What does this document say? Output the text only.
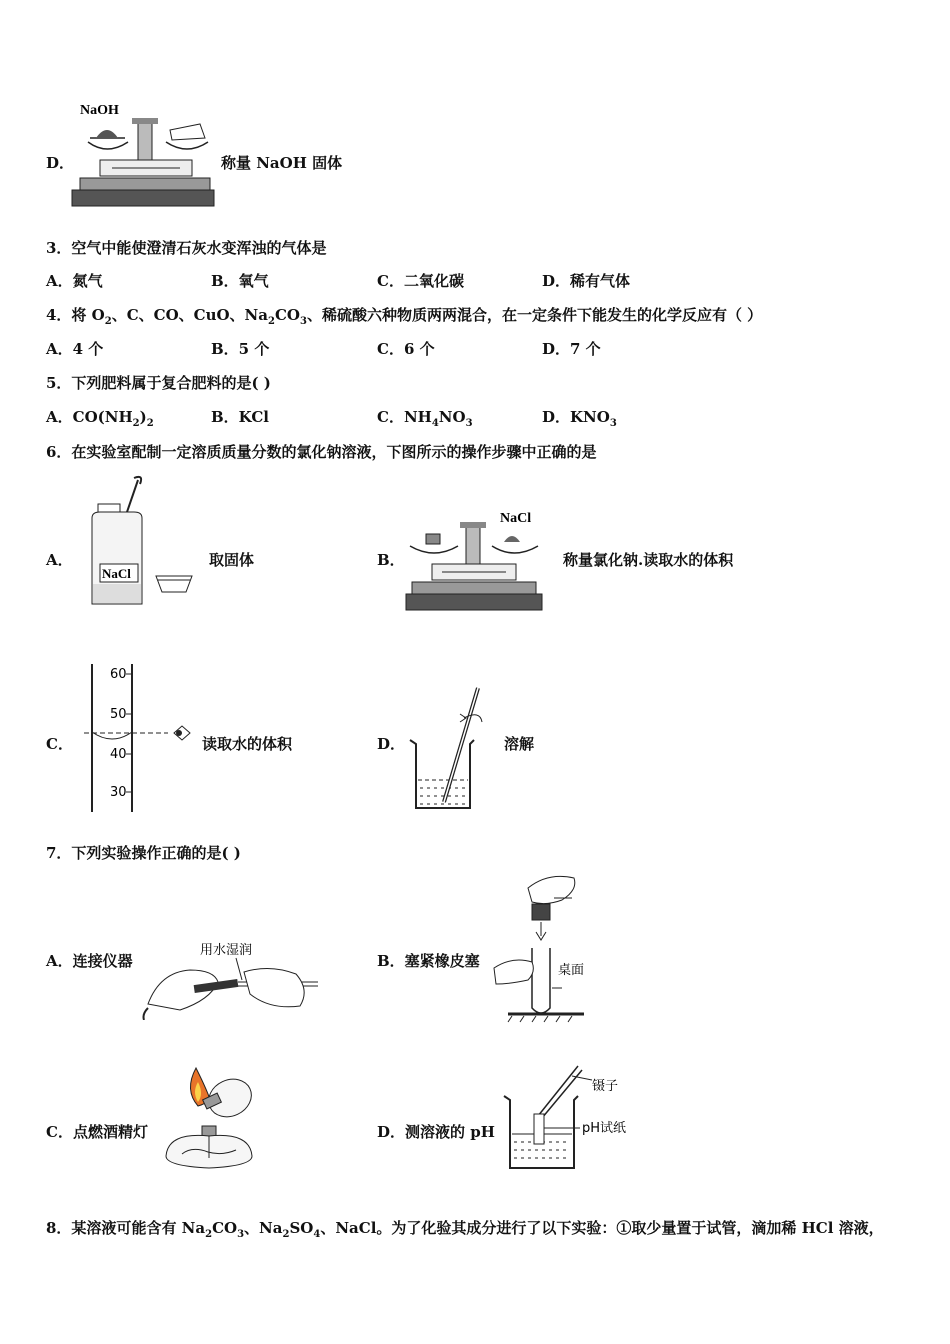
D．
NaOH
称量 NaOH 固体
3．空气中能使澄清石灰水变浑浊的气体是
A．氮气	B．氧气	C．二氧化碳	D．稀有气体
4．将 $O_2$、C、CO、CuO、$Na_2CO_3$、稀硫酸六种物质两两混合，在一定条件下能发生的化学反应有（ ）
A．4 个	B．5 个	C．6 个	D．7 个
5．下列肥料属于复合肥料的是( )
A．$CO(NH_2)_2$	B．KCl	C．$NH_4NO_3$	D．$KNO_3$
6．在实验室配制一定溶质质量分数的氯化钠溶液，下图所示的操作步骤中正确的是
A．
NaCl
取固体	B．
NaCl
称量氯化钠.读取水的体积
C．
60
50
40
30
读取水的体积	D．	溶解
7．下列实验操作正确的是( )
A．连接仪器
用水湿润
B．塞紧橡皮塞
桌面
C．点燃酒精灯	D．测溶液的 pH
镊子
pH试纸
8．某溶液可能含有 $Na_2CO_3$、$Na_2SO_4$、NaCl。为了化验其成分进行了以下实验：①取少量置于试管，滴加稀 HCl 溶液，
